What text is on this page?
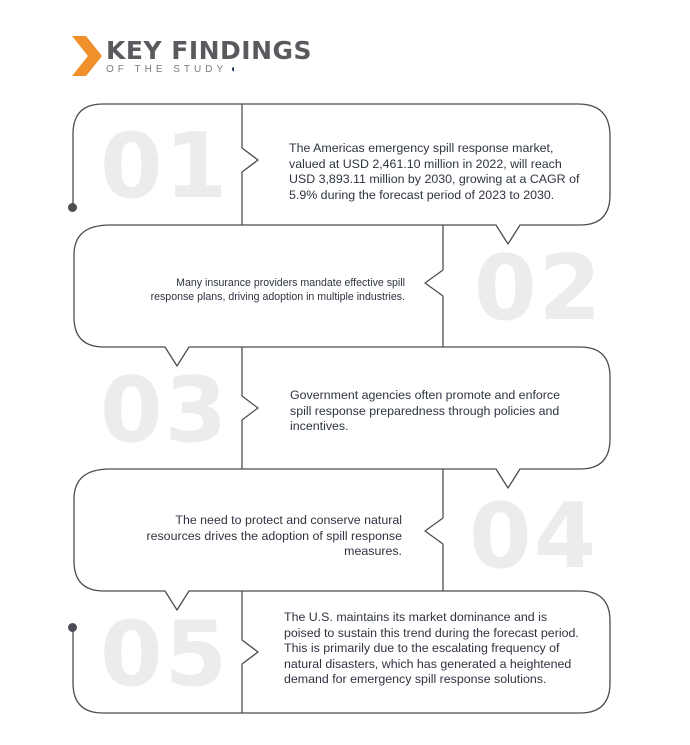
KEY FINDINGS
OF THE STUDY ◖
01	The Americas emergency spill response market, valued at USD 2,461.10 million in 2022, will reach USD 3,893.11 million by 2030, growing at a CAGR of 5.9% during the forecast period of 2023 to 2030.
02
Many insurance providers mandate effective spill response plans, driving adoption in multiple industries.
03	Government agencies often promote and enforce spill response preparedness through policies and incentives.
04
The need to protect and conserve natural resources drives the adoption of spill response measures.
05	The U.S. maintains its market dominance and is poised to sustain this trend during the forecast period. This is primarily due to the escalating frequency of natural disasters, which has generated a heightened demand for emergency spill response solutions.
